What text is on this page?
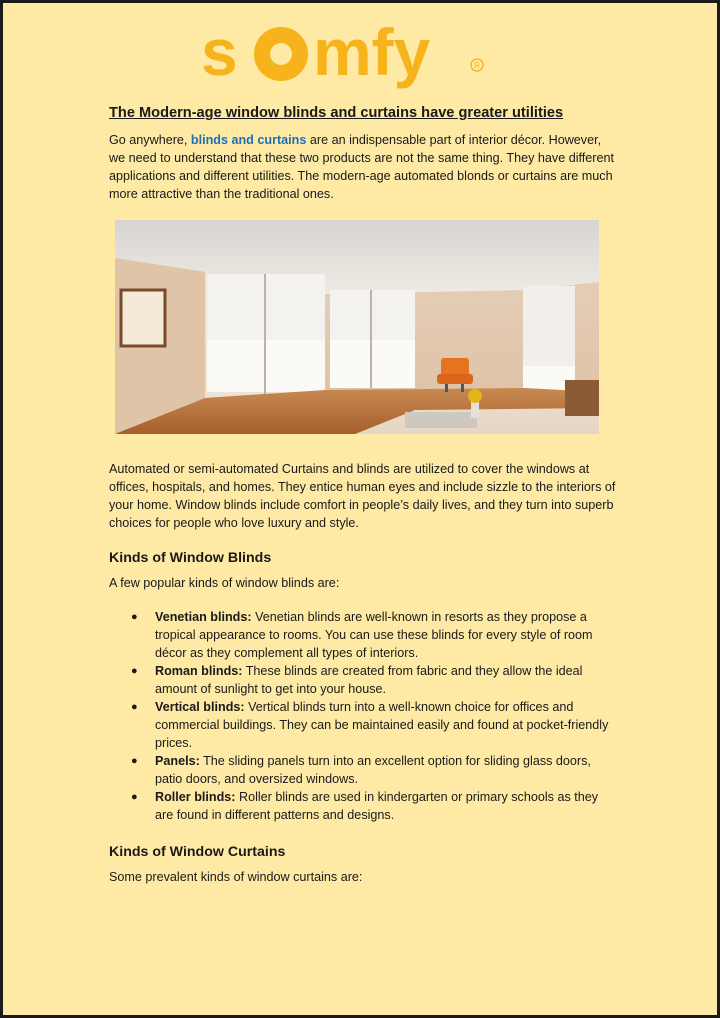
s mfy	R
The Modern-age window blinds and curtains have greater utilities

Go anywhere, blinds and curtains are an indispensable part of interior décor. However, we need to understand that these two products are not the same thing. They have different applications and different utilities. The modern-age automated blonds or curtains are much more attractive than the traditional ones.

Automated or semi-automated Curtains and blinds are utilized to cover the windows at offices, hospitals, and homes. They entice human eyes and include sizzle to the interiors of your home. Window blinds include comfort in people’s daily lives, and they turn into superb choices for people who love luxury and style.

Kinds of Window Blinds

A few popular kinds of window blinds are:

● Venetian blinds: Venetian blinds are well-known in resorts as they propose a tropical appearance to rooms. You can use these blinds for every style of room décor as they complement all types of interiors.
● Roman blinds: These blinds are created from fabric and they allow the ideal amount of sunlight to get into your house.
● Vertical blinds: Vertical blinds turn into a well-known choice for offices and commercial buildings. They can be maintained easily and found at pocket-friendly prices.
● Panels: The sliding panels turn into an excellent option for sliding glass doors, patio doors, and oversized windows.
● Roller blinds: Roller blinds are used in kindergarten or primary schools as they are found in different patterns and designs.
Kinds of Window Curtains

Some prevalent kinds of window curtains are:
